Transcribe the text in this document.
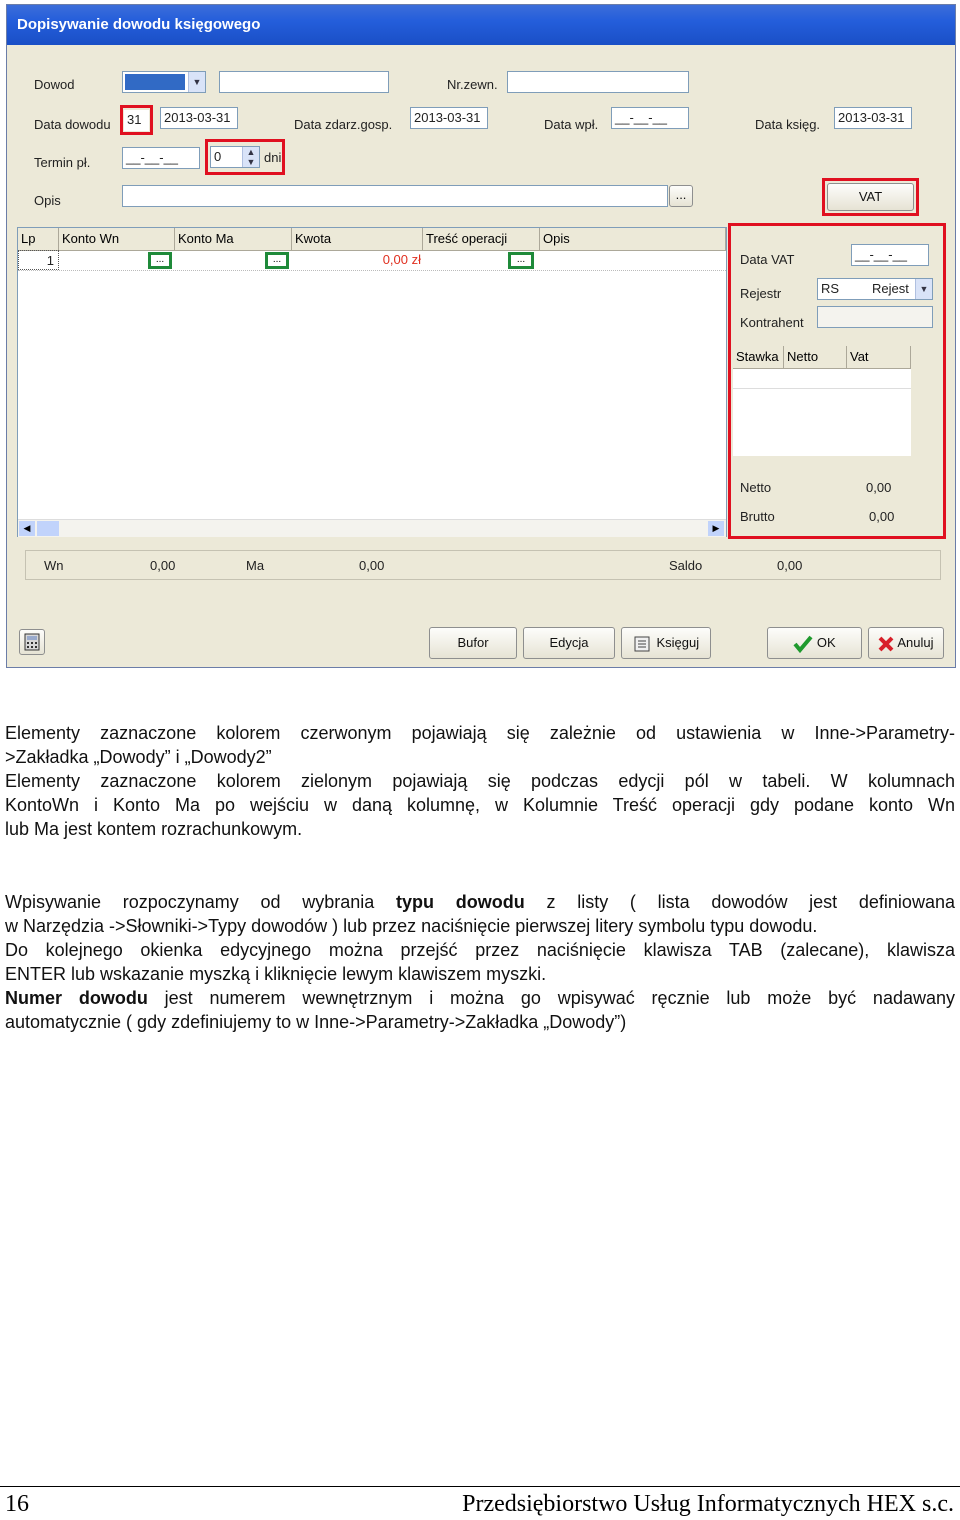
Dopisywanie dowodu księgowego
Dowod	▼	Nr.zewn.
Data dowodu 31	2013-03-31	Data zdarz.gosp.	2013-03-31	Data wpł.	__-__-__	Data księg.	2013-03-31
Termin pł.	__-__-__	0	▲
▼ dni
Opis	...	VAT
Lp	Konto Wn	Konto Ma	Kwota	Treść operacji	Opis
1	...	...	0,00 zł	...
◀	▶
Data VAT	__-__-__
Rejestr	RS	Rejest	▼
Kontrahent
Stawka Netto	Vat
Netto	0,00
Brutto	0,00
Wn	0,00	Ma	0,00	Saldo	0,00
Bufor	Edycja	Księguj	OK	Anuluj
Elementy zaznaczone kolorem czerwonym pojawiają się zależnie od ustawienia w Inne->Parametry-
>Zakładka „Dowody” i „Dowody2”
Elementy zaznaczone kolorem zielonym pojawiają się podczas edycji pól w tabeli. W kolumnach
KontoWn i Konto Ma po wejściu w daną kolumnę, w Kolumnie Treść operacji gdy podane konto Wn
lub Ma jest kontem rozrachunkowym.
Wpisywanie rozpoczynamy od wybrania typu dowodu z listy ( lista dowodów jest definiowana
w Narzędzia ->Słowniki->Typy dowodów ) lub przez naciśnięcie pierwszej litery symbolu typu dowodu.
Do kolejnego okienka edycyjnego można przejść przez naciśnięcie klawisza TAB (zalecane), klawisza
ENTER lub wskazanie myszką i kliknięcie lewym klawiszem myszki.
Numer dowodu jest numerem wewnętrznym i można go wpisywać ręcznie lub może być nadawany
automatycznie ( gdy zdefiniujemy to w Inne->Parametry->Zakładka „Dowody”)
16	Przedsiębiorstwo Usług Informatycznych HEX s.c.
